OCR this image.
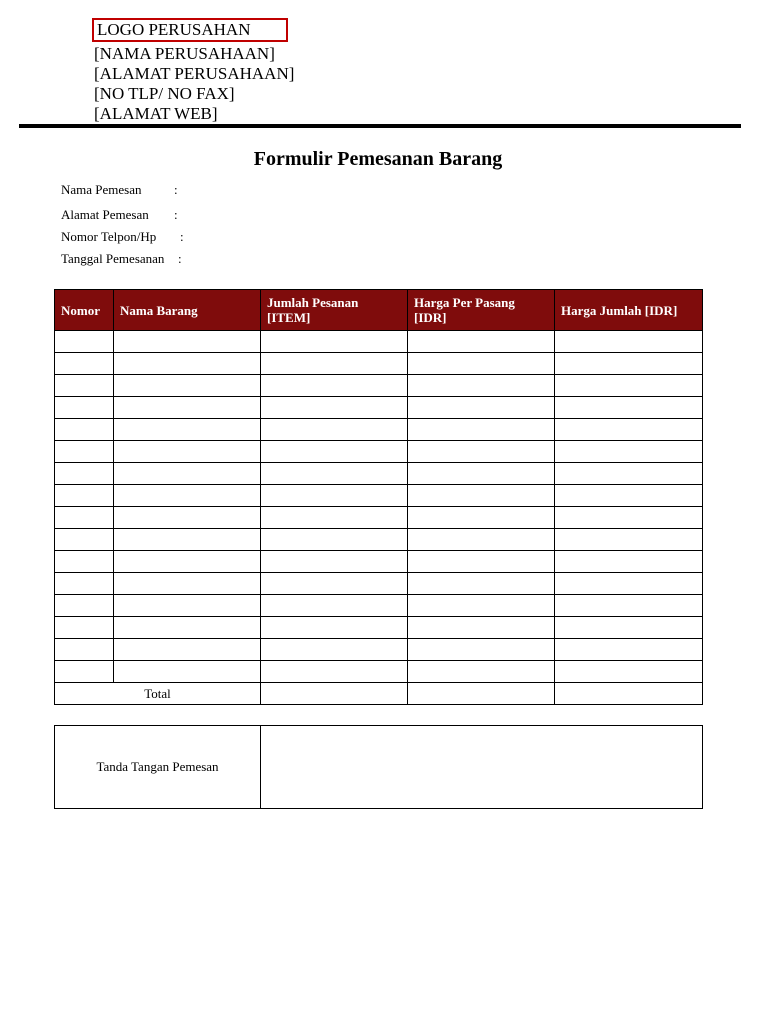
LOGO PERUSAHAN
[NAMA PERUSAHAAN]
[ALAMAT PERUSAHAAN]
[NO TLP/ NO FAX]
[ALAMAT WEB]
Formulir Pemesanan Barang
Nama Pemesan :
Alamat Pemesan :
Nomor Telpon/Hp :
Tanggal Pemesanan :
Nomor	Nama Barang	Jumlah Pesanan [ITEM]	Harga Per Pasang [IDR]	Harga Jumlah [IDR]

Total				
Tanda Tangan Pemesan	
